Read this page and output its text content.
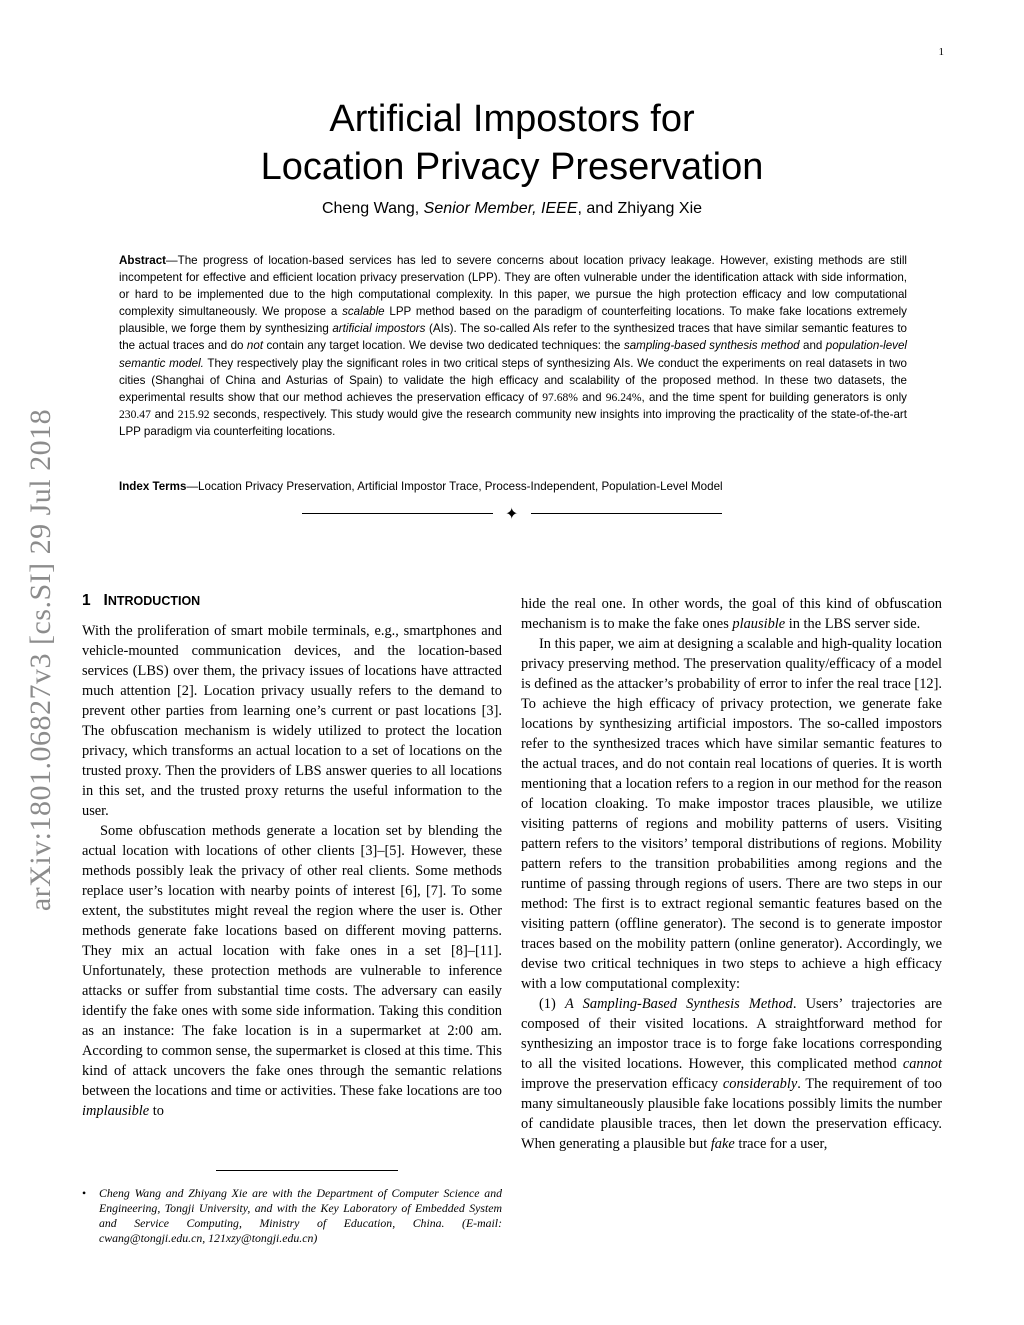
1
arXiv:1801.06827v3 [cs.SI] 29 Jul 2018
Artificial Impostors for
Location Privacy Preservation
Cheng Wang, Senior Member, IEEE, and Zhiyang Xie
Abstract—The progress of location-based services has led to severe concerns about location privacy leakage. However, existing methods are still incompetent for effective and efficient location privacy preservation (LPP). They are often vulnerable under the identification attack with side information, or hard to be implemented due to the high computational complexity. In this paper, we pursue the high protection efficacy and low computational complexity simultaneously. We propose a scalable LPP method based on the paradigm of counterfeiting locations. To make fake locations extremely plausible, we forge them by synthesizing artificial impostors (AIs). The so-called AIs refer to the synthesized traces that have similar semantic features to the actual traces and do not contain any target location. We devise two dedicated techniques: the sampling-based synthesis method and population-level semantic model. They respectively play the significant roles in two critical steps of synthesizing AIs. We conduct the experiments on real datasets in two cities (Shanghai of China and Asturias of Spain) to validate the high efficacy and scalability of the proposed method. In these two datasets, the experimental results show that our method achieves the preservation efficacy of 97.68% and 96.24%, and the time spent for building generators is only 230.47 and 215.92 seconds, respectively. This study would give the research community new insights into improving the practicality of the state-of-the-art LPP paradigm via counterfeiting locations.
Index Terms—Location Privacy Preservation, Artificial Impostor Trace, Process-Independent, Population-Level Model
✦
1 INTRODUCTION

With the proliferation of smart mobile terminals, e.g., smartphones and vehicle-mounted communication devices, and the location-based services (LBS) over them, the privacy issues of locations have attracted much attention [2]. Location privacy usually refers to the demand to prevent other parties from learning one’s current or past locations [3]. The obfuscation mechanism is widely utilized to protect the location privacy, which transforms an actual location to a set of locations on the trusted proxy. Then the providers of LBS answer queries to all locations in this set, and the trusted proxy returns the useful information to the user.

Some obfuscation methods generate a location set by blending the actual location with locations of other clients [3]–[5]. However, these methods possibly leak the privacy of other real clients. Some methods replace user’s location with nearby points of interest [6], [7]. To some extent, the substitutes might reveal the region where the user is. Other methods generate fake locations based on different moving patterns. They mix an actual location with fake ones in a set [8]–[11]. Unfortunately, these protection methods are vulnerable to inference attacks or suffer from substantial time costs. The adversary can easily identify the fake ones with some side information. Taking this condition as an instance: The fake location is in a supermarket at 2:00 am. According to common sense, the supermarket is closed at this time. This kind of attack uncovers the fake ones through the semantic relations between the locations and time or activities. These fake locations are too implausible to

• Cheng Wang and Zhiyang Xie are with the Department of Computer Science and Engineering, Tongji University, and with the Key Laboratory of Embedded System and Service Computing, Ministry of Education, China. (E-mail: cwang@tongji.edu.cn, 121xzy@tongji.edu.cn)

hide the real one. In other words, the goal of this kind of obfuscation mechanism is to make the fake ones plausible in the LBS server side.

In this paper, we aim at designing a scalable and high-quality location privacy preserving method. The preservation quality/efficacy of a model is defined as the attacker’s probability of error to infer the real trace [12]. To achieve the high efficacy of privacy protection, we generate fake locations by synthesizing artificial impostors. The so-called impostors refer to the synthesized traces which have similar semantic features to the actual traces, and do not contain real locations of queries. It is worth mentioning that a location refers to a region in our method for the reason of location cloaking. To make impostor traces plausible, we utilize visiting patterns of regions and mobility patterns of users. Visiting pattern refers to the visitors’ temporal distributions of regions. Mobility pattern refers to the transition probabilities among regions and the runtime of passing through regions of users. There are two steps in our method: The first is to extract regional semantic features based on the visiting pattern (offline generator). The second is to generate impostor traces based on the mobility pattern (online generator). Accordingly, we devise two critical techniques in two steps to achieve a high efficacy with a low computational complexity:

(1) A Sampling-Based Synthesis Method. Users’ trajectories are composed of their visited locations. A straightforward method for synthesizing an impostor trace is to forge fake locations corresponding to all the visited locations. However, this complicated method cannot improve the preservation efficacy considerably. The requirement of too many simultaneously plausible fake locations possibly limits the number of candidate plausible traces, then let down the preservation efficacy. When generating a plausible but fake trace for a user,
